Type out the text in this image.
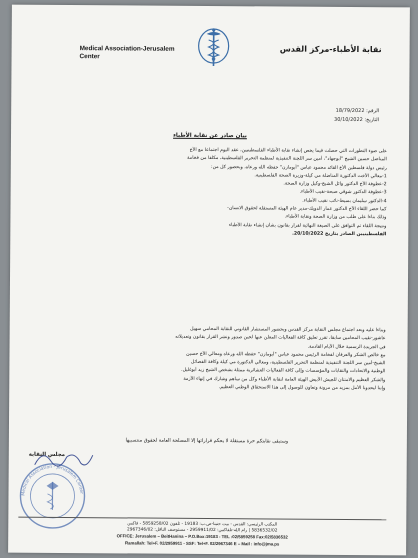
Medical Association-Jerusalem
Center
نقابة الأطباء-مركز القدس
الرقم: 18/79/2022
التاريخ: 30/10/2022
بيان صادر عن نقابة الأطباء

على ضوء التطورات التي حصلت فيما يخص إنشاء نقابة الأطباء الفلسطينيين، عقد اليوم اجتماعا مع الأخ

المناضل حسين الشيخ "أبوجهاد"، أمين سر اللجنة التنفيذية لمنظمة التحرير الفلسطينية، مكلفا من فخامة

رئيس دولة فلسطين الأخ القائد محمود عباس "أبومازن" حفظه الله ورعاه، وبحضور كل من:

1-معالي الأخت الدكتورة المناضلة مي كيلة-وزيرة الصحة الفلسطينية.

2-عطوفة الأخ الدكتور وائل الشيخ-وكيل وزارة الصحة.

3-عطوفة الدكتور شوقي صبحة-نقيب الأطباء.

4-الدكتور سليمان بسيط-نائب نقيب الأطباء.

كما حضر اللقاء الأخ الدكتور عمار الدويك-مدير عام الهيئة المستقلة لحقوق الانسان-

وذلك بناءا على طلب من وزارة الصحة ونقابة الأطباء.

ونتيجة اللقاء تم التوافق على الصيغة النهائية لقرار بقانون بشأن إنشاء نقابة الأطباء

الفلسطينيين الصادر بتاريخ 20/10/2022.

وبناءا عليه وبعد اجتماع مجلس النقابة مركز القدس وبحضور المستشار القانوني للنقابة المحامي سهيل

عاشور-نقيب المحامين سابقا، تقرر تعليق كافة الفعاليات المعلن عنها لحين صدور ونشر القرار بقانون وتعديلاته

في الجريدة الرسمية خلال الأيام القادمة.

مع خالص الشكر والعرفان لفخامة الرئيس محمود عباس "أبومازن" حفظه الله ورعاه ومعالي الأخ حسين

الشيخ-أمين سر اللجنة التنفيذية لمنظمة التحرير الفلسطينية، ومعالي الدكتورة مي كيلة وكافة الفصائل

الوطنية والاتحادات والنقابات والمؤسسات وإلى كافة الفعاليات العشائرية ممثلة بشخص الشيخ زيد أبوغليل.

والشكر العظيم والامتنان للجيش الأبيض الهيئة العامة لنقابة الأطباء وكل من ساهم وشارك في إنهاء الأزمة

وإننا ليحدونا الأمل بمزيد من مرونة وتعاون للوصول إلى هذا الاستحقاق الوطني العظيم.

وستبقى نقابتكم حرة مستقلة لا يحكم قراراتها إلا المصلحة العامة لحقوق منتسبيها
Medical Association - Jerusalem Center
مجلس النقابة
المكتب الرئيسي: القدس - بيت حنينا-ص.ب: 19183 - تلفون 5859258/02 - فاكس
5836532/02 | رام الله-تلفاكس: 2959911/02 - مستوصف الناقل: 2967346/02
OFFICE: Jerusalem – BeitHanina – P.O.Box:19183 - TEL :02/5859258 Fax:02/5836532
Ramallah: Tel+F. 02/2959911 - SSF: Tel+F. 02/2967346 E – Mail : info@jma.ps
